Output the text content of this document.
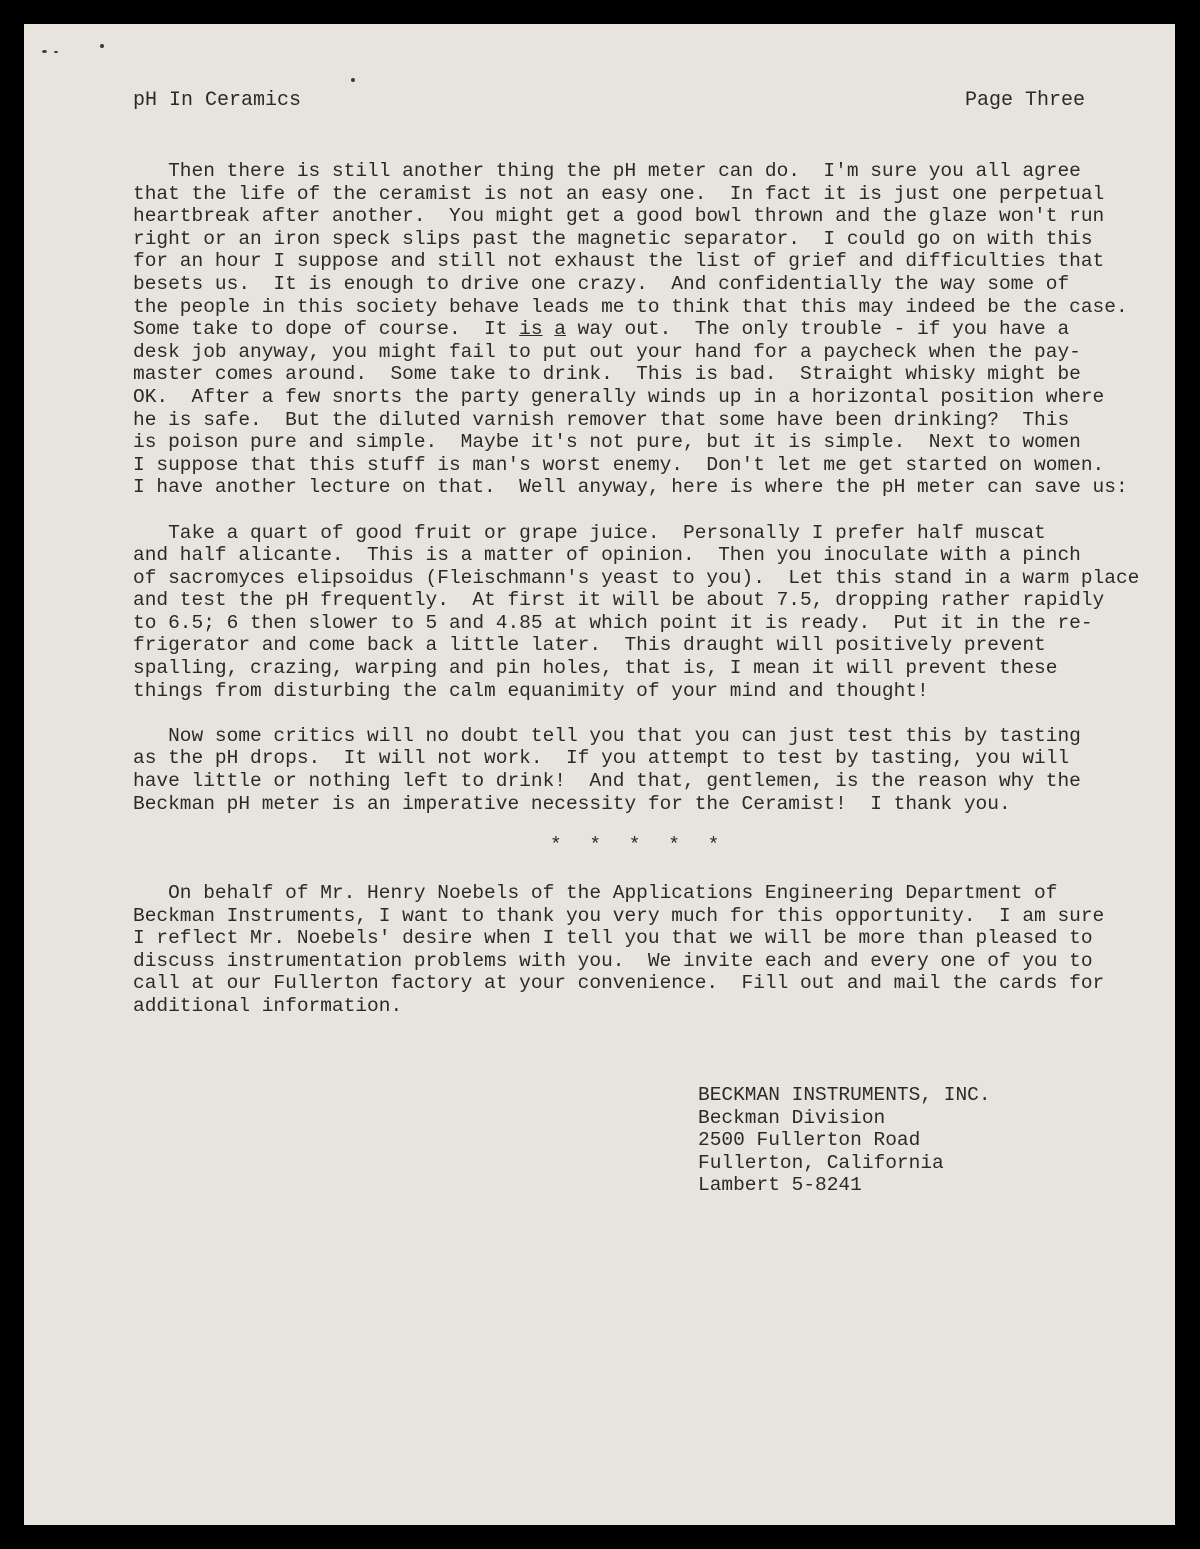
pH In Ceramics	Page Three
Then there is still another thing the pH meter can do.  I'm sure you all agree
that the life of the ceramist is not an easy one.  In fact it is just one perpetual
heartbreak after another.  You might get a good bowl thrown and the glaze won't run
right or an iron speck slips past the magnetic separator.  I could go on with this
for an hour I suppose and still not exhaust the list of grief and difficulties that
besets us.  It is enough to drive one crazy.  And confidentially the way some of
the people in this society behave leads me to think that this may indeed be the case.
Some take to dope of course.  It is a way out.  The only trouble - if you have a
desk job anyway, you might fail to put out your hand for a paycheck when the pay-
master comes around.  Some take to drink.  This is bad.  Straight whisky might be
OK.  After a few snorts the party generally winds up in a horizontal position where
he is safe.  But the diluted varnish remover that some have been drinking?  This
is poison pure and simple.  Maybe it's not pure, but it is simple.  Next to women
I suppose that this stuff is man's worst enemy.  Don't let me get started on women.
I have another lecture on that.  Well anyway, here is where the pH meter can save us:
Take a quart of good fruit or grape juice.  Personally I prefer half muscat
and half alicante.  This is a matter of opinion.  Then you inoculate with a pinch
of sacromyces elipsoidus (Fleischmann's yeast to you).  Let this stand in a warm place
and test the pH frequently.  At first it will be about 7.5, dropping rather rapidly
to 6.5; 6 then slower to 5 and 4.85 at which point it is ready.  Put it in the re-
frigerator and come back a little later.  This draught will positively prevent
spalling, crazing, warping and pin holes, that is, I mean it will prevent these
things from disturbing the calm equanimity of your mind and thought!
Now some critics will no doubt tell you that you can just test this by tasting
as the pH drops.  It will not work.  If you attempt to test by tasting, you will
have little or nothing left to drink!  And that, gentlemen, is the reason why the
Beckman pH meter is an imperative necessity for the Ceramist!  I thank you.
* * * * *
On behalf of Mr. Henry Noebels of the Applications Engineering Department of
Beckman Instruments, I want to thank you very much for this opportunity.  I am sure
I reflect Mr. Noebels' desire when I tell you that we will be more than pleased to
discuss instrumentation problems with you.  We invite each and every one of you to
call at our Fullerton factory at your convenience.  Fill out and mail the cards for
additional information.
BECKMAN INSTRUMENTS, INC.
Beckman Division
2500 Fullerton Road
Fullerton, California
Lambert 5-8241
